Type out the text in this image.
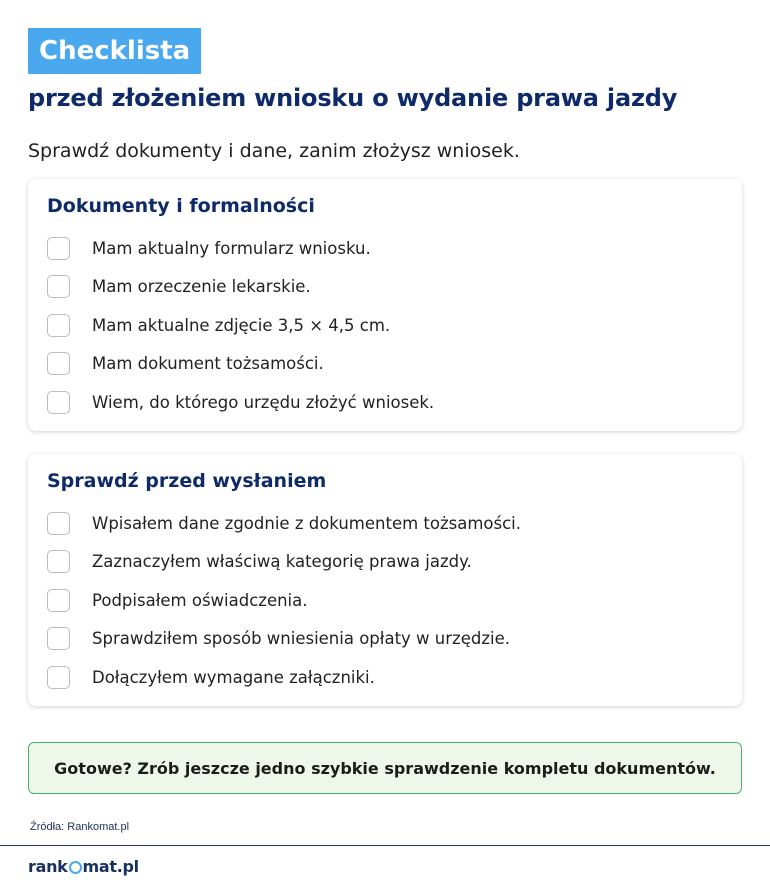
Checklista
przed złożeniem wniosku o wydanie prawa jazdy

Sprawdź dokumenty i dane, zanim złożysz wniosek.

Dokumenty i formalności
Mam aktualny formularz wniosku.
Mam orzeczenie lekarskie.
Mam aktualne zdjęcie 3,5 × 4,5 cm.
Mam dokument tożsamości.
Wiem, do którego urzędu złożyć wniosek.
Sprawdź przed wysłaniem
Wpisałem dane zgodnie z dokumentem tożsamości.
Zaznaczyłem właściwą kategorię prawa jazdy.
Podpisałem oświadczenia.
Sprawdziłem sposób wniesienia opłaty w urzędzie.
Dołączyłem wymagane załączniki.
Gotowe? Zrób jeszcze jedno szybkie sprawdzenie kompletu dokumentów.
Źródła: Rankomat.pl
rank mat.pl
